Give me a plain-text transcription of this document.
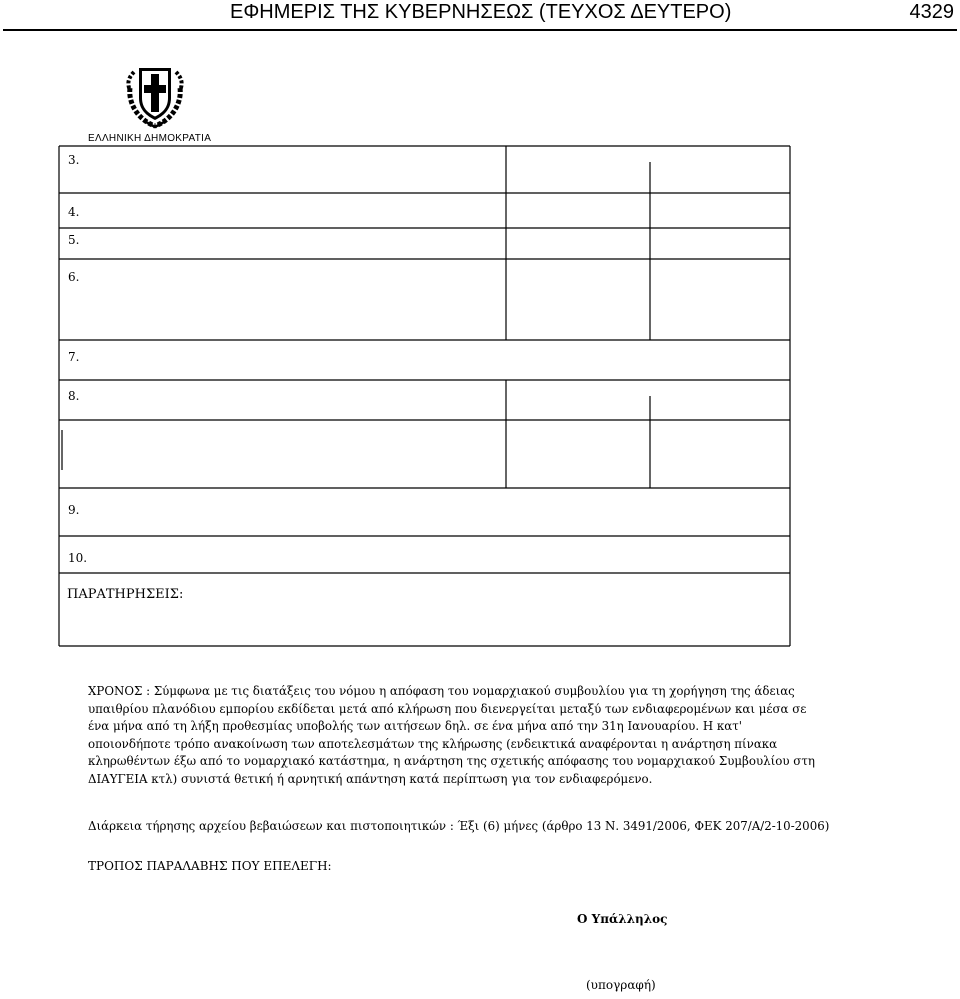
ΕΦΗΜΕΡΙΣ ΤΗΣ ΚΥΒΕΡΝΗΣΕΩΣ (ΤΕΥΧΟΣ ΔΕΥΤΕΡΟ)	4329
ΕΛΛΗΝΙΚΗ ΔΗΜΟΚΡΑΤΙΑ
3.
4.
5.
6.
7.
8.
9.
10.
ΠΑΡΑΤΗΡΗΣΕΙΣ:

ΧΡΟΝΟΣ : Σύμφωνα με τις διατάξεις του νόμου η απόφαση του νομαρχιακού συμβουλίου για τη χορήγηση της άδειας υπαιθρίου πλανόδιου εμπορίου εκδίδεται μετά από κλήρωση που διενεργείται μεταξύ των ενδιαφερομένων και μέσα σε ένα μήνα από τη λήξη προθεσμίας υποβολής των αιτήσεων δηλ. σε ένα μήνα από την 31η Ιανουαρίου. Η κατ' οποιονδήποτε τρόπο ανακοίνωση των αποτελεσμάτων της κλήρωσης (ενδεικτικά αναφέρονται η ανάρτηση πίνακα κληρωθέντων έξω από το νομαρχιακό κατάστημα, η ανάρτηση της σχετικής απόφασης του νομαρχιακού Συμβουλίου στη ΔΙΑΥΓΕΙΑ κτλ) συνιστά θετική ή αρνητική απάντηση κατά περίπτωση για τον ενδιαφερόμενο.

Διάρκεια τήρησης αρχείου βεβαιώσεων και πιστοποιητικών : Έξι (6) μήνες (άρθρο 13 Ν. 3491/2006, ΦΕΚ 207/Α/2-10-2006)
ΤΡΟΠΟΣ ΠΑΡΑΛΑΒΗΣ ΠΟΥ ΕΠΕΛΕΓΗ:
Ο Υπάλληλος
(υπογραφή)
